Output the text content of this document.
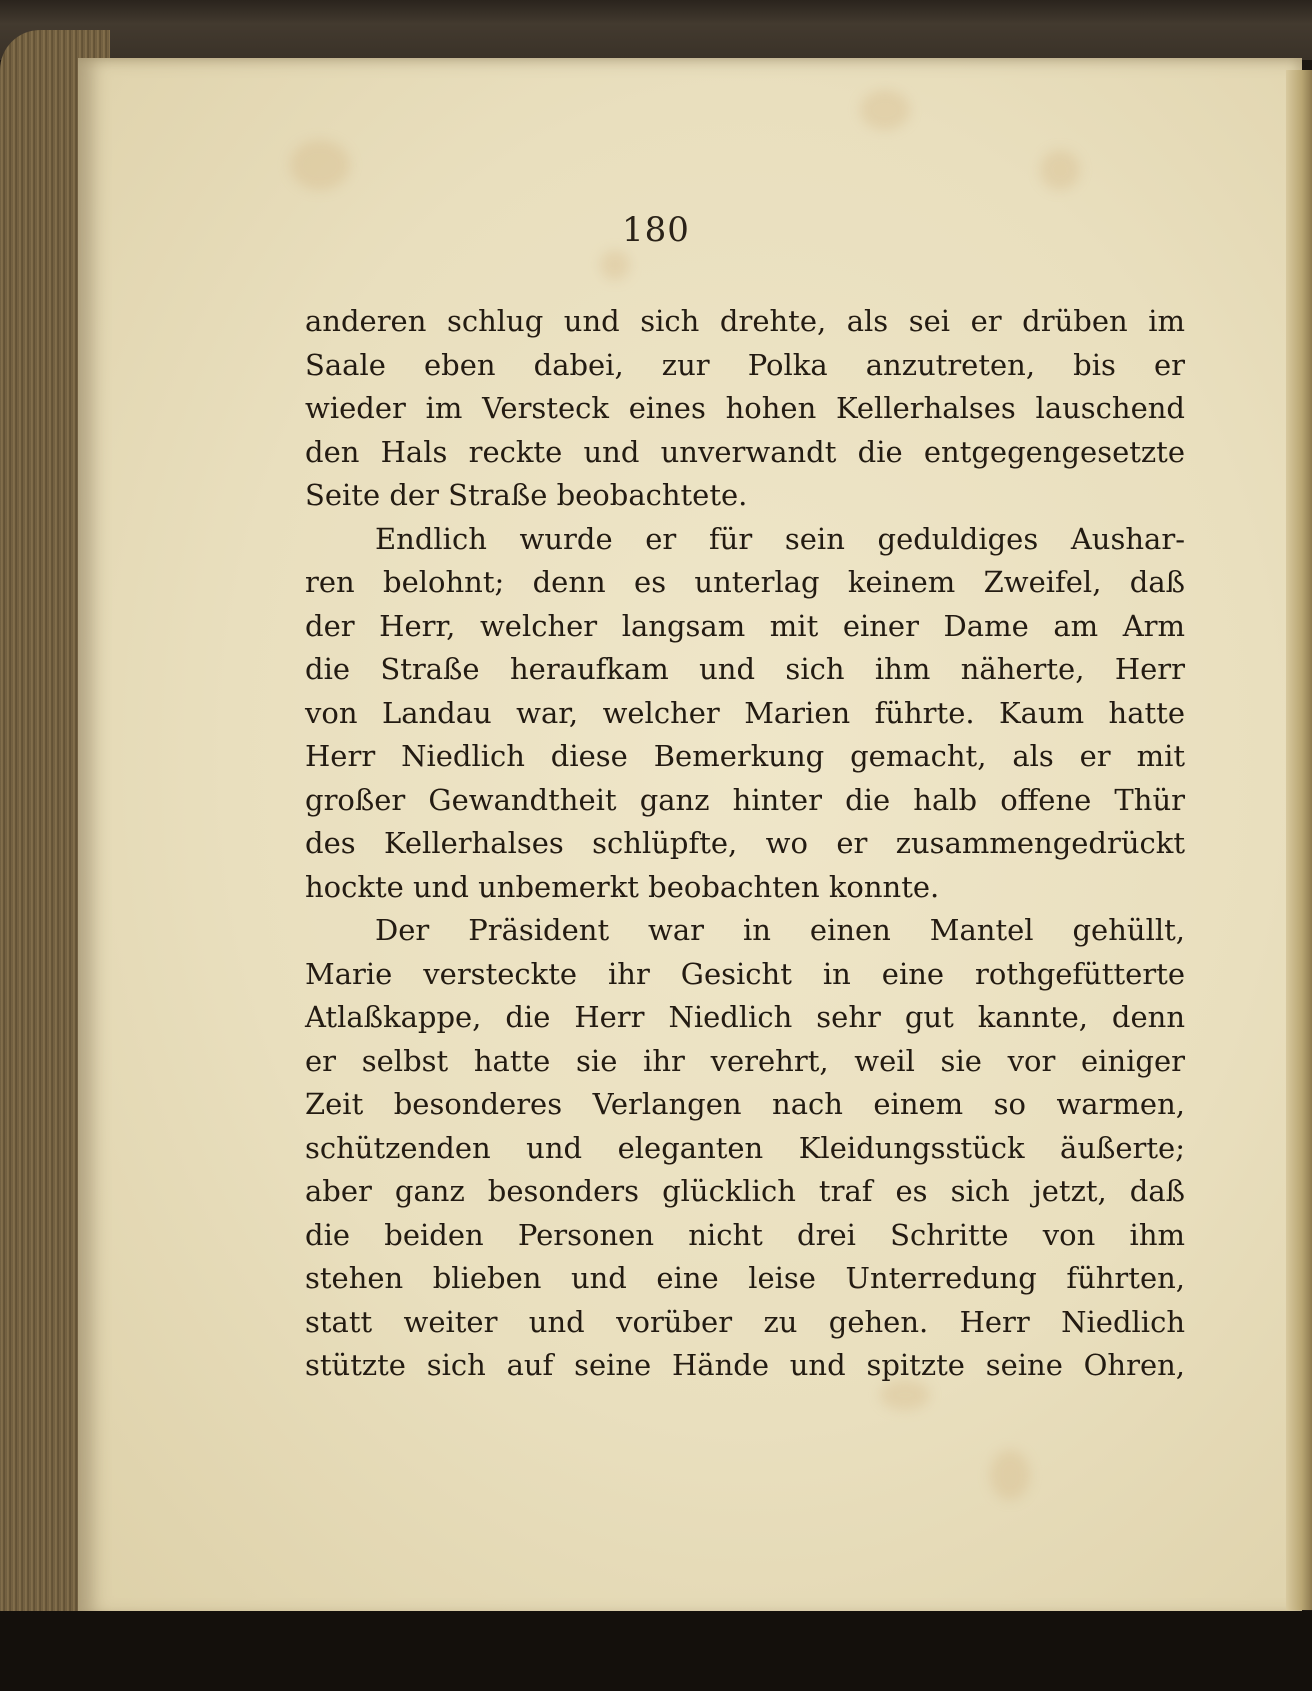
180
anderen schlug und sich drehte, als sei er drüben im
Saale eben dabei, zur Polka anzutreten, bis er
wieder im Versteck eines hohen Kellerhalses lauschend
den Hals reckte und unverwandt die entgegengesetzte
Seite der Straße beobachtete.
Endlich wurde er für sein geduldiges Aushar-
ren belohnt; denn es unterlag keinem Zweifel, daß
der Herr, welcher langsam mit einer Dame am Arm
die Straße heraufkam und sich ihm näherte, Herr
von Landau war, welcher Marien führte. Kaum hatte
Herr Niedlich diese Bemerkung gemacht, als er mit
großer Gewandtheit ganz hinter die halb offene Thür
des Kellerhalses schlüpfte, wo er zusammengedrückt
hockte und unbemerkt beobachten konnte.
Der Präsident war in einen Mantel gehüllt,
Marie versteckte ihr Gesicht in eine rothgefütterte
Atlaßkappe, die Herr Niedlich sehr gut kannte, denn
er selbst hatte sie ihr verehrt, weil sie vor einiger
Zeit besonderes Verlangen nach einem so warmen,
schützenden und eleganten Kleidungsstück äußerte;
aber ganz besonders glücklich traf es sich jetzt, daß
die beiden Personen nicht drei Schritte von ihm
stehen blieben und eine leise Unterredung führten,
statt weiter und vorüber zu gehen. Herr Niedlich
stützte sich auf seine Hände und spitzte seine Ohren,
